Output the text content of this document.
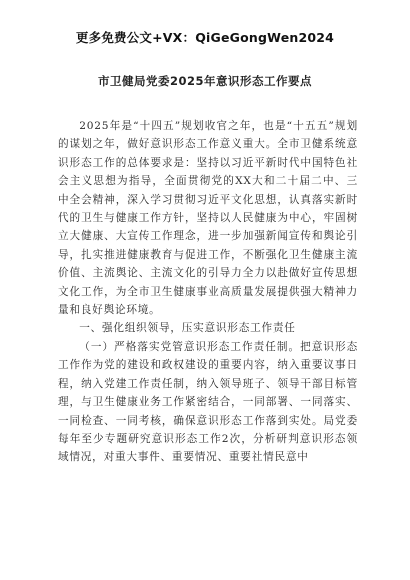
更多免费公文+VX：QiGeGongWen2024
市卫健局党委2025年意识形态工作要点

2025年是“十四五”规划收官之年，也是“十五五”规划的谋划之年，做好意识形态工作意义重大。全市卫健系统意识形态工作的总体要求是：坚持以习近平新时代中国特色社会主义思想为指导，全面贯彻党的XX大和二十届二中、三中全会精神，深入学习贯彻习近平文化思想，认真落实新时代的卫生与健康工作方针，坚持以人民健康为中心，牢固树立大健康、大宣传工作理念，进一步加强新闻宣传和舆论引导，扎实推进健康教育与促进工作，不断强化卫生健康主流价值、主流舆论、主流文化的引导力全力以赴做好宣传思想文化工作，为全市卫生健康事业高质量发展提供强大精神力量和良好舆论环境。

一、强化组织领导，压实意识形态工作责任

（一）严格落实党管意识形态工作责任制。把意识形态工作作为党的建设和政权建设的重要内容，纳入重要议事日程，纳入党建工作责任制，纳入领导班子、领导干部目标管理，与卫生健康业务工作紧密结合，一同部署、一同落实、一同检查、一同考核，确保意识形态工作落到实处。局党委每年至少专题研究意识形态工作2次，分析研判意识形态领域情况，对重大事件、重要情况、重要社情民意中
